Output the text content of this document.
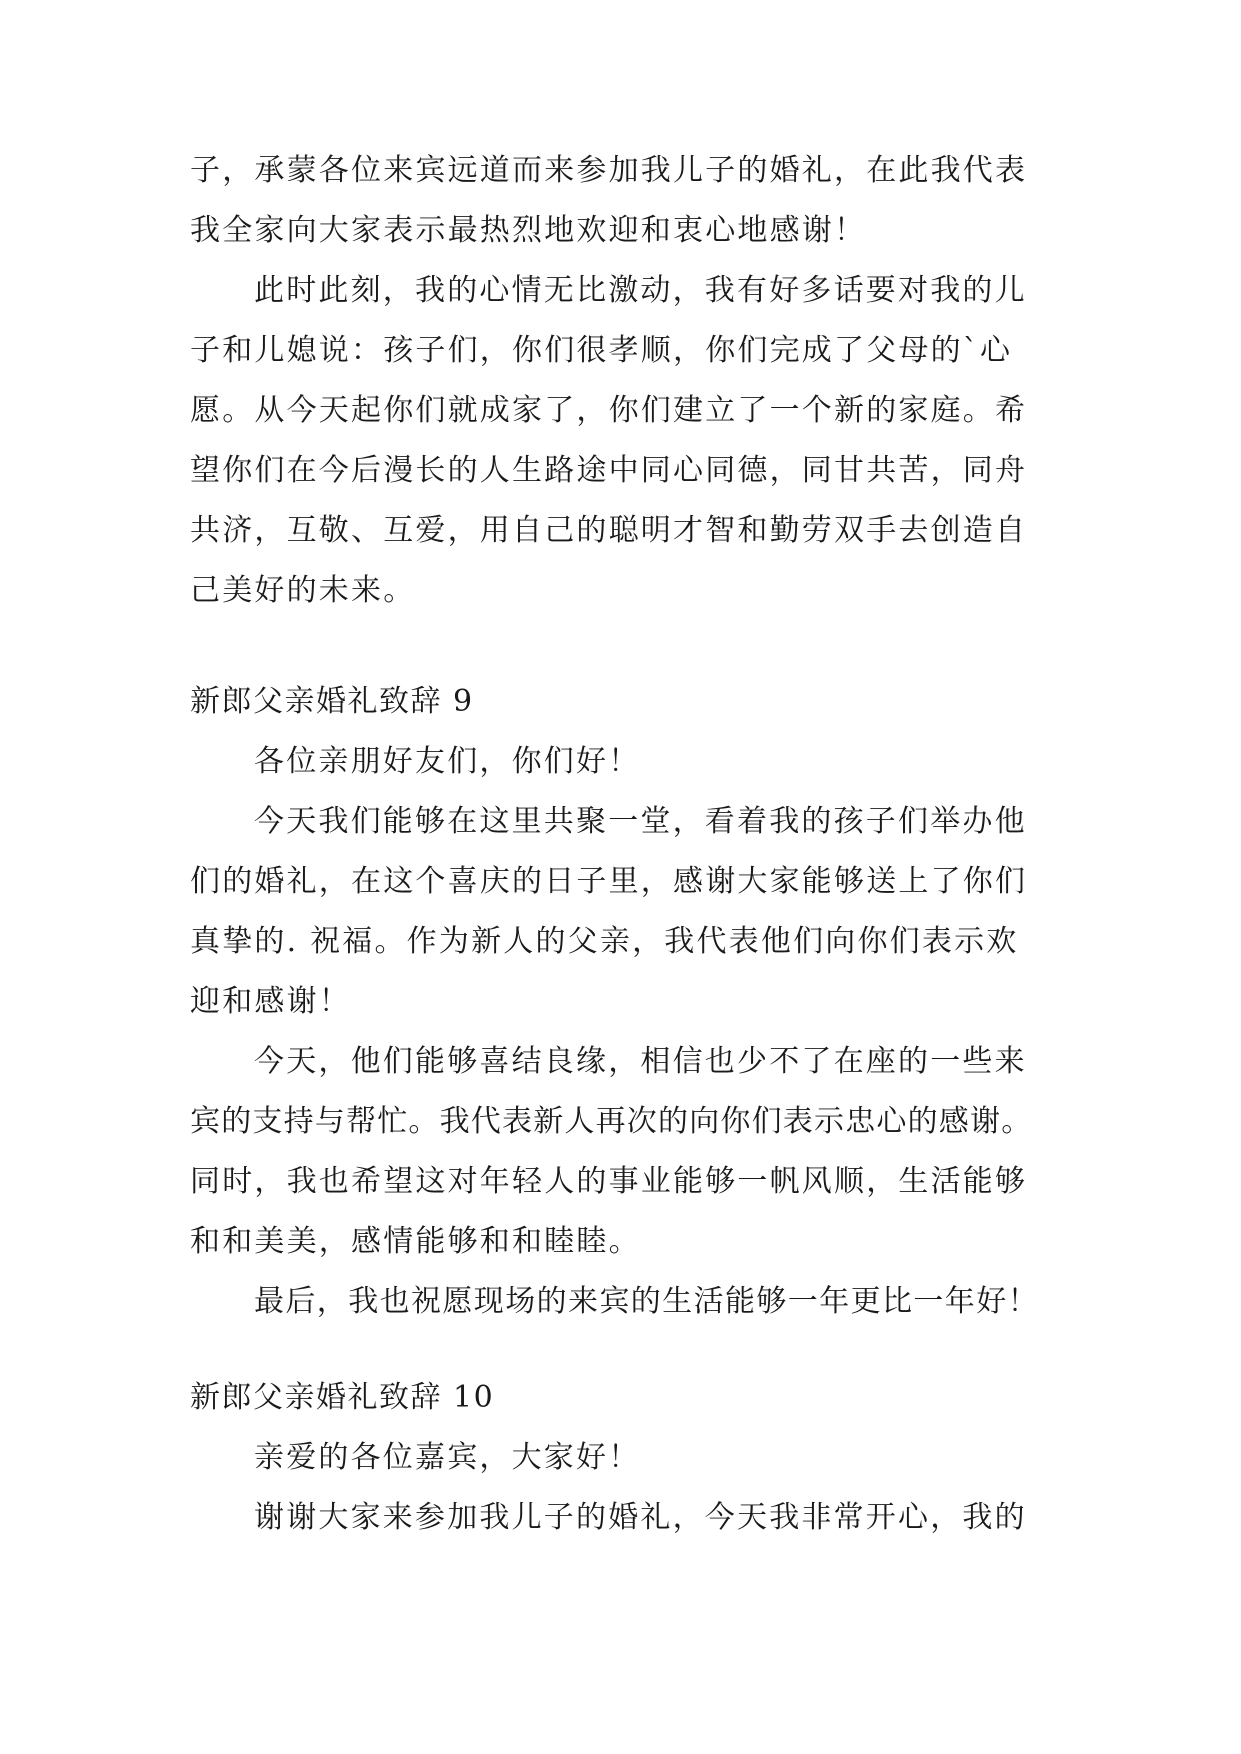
子，承蒙各位来宾远道而来参加我儿子的婚礼，在此我代表
我全家向大家表示最热烈地欢迎和衷心地感谢！
此时此刻，我的心情无比激动，我有好多话要对我的儿
子和儿媳说：孩子们，你们很孝顺，你们完成了父母的`心
愿。从今天起你们就成家了，你们建立了一个新的家庭。希
望你们在今后漫长的人生路途中同心同德，同甘共苦，同舟
共济，互敬、互爱，用自己的聪明才智和勤劳双手去创造自
己美好的未来。
新郎父亲婚礼致辞 9
各位亲朋好友们，你们好！
今天我们能够在这里共聚一堂，看着我的孩子们举办他
们的婚礼，在这个喜庆的日子里，感谢大家能够送上了你们
真挚的. 祝福。作为新人的父亲，我代表他们向你们表示欢
迎和感谢！
今天，他们能够喜结良缘，相信也少不了在座的一些来
宾的支持与帮忙。我代表新人再次的向你们表示忠心的感谢。
同时，我也希望这对年轻人的事业能够一帆风顺，生活能够
和和美美，感情能够和和睦睦。
最后，我也祝愿现场的来宾的生活能够一年更比一年好！
新郎父亲婚礼致辞 10
亲爱的各位嘉宾，大家好！
谢谢大家来参加我儿子的婚礼，今天我非常开心，我的
